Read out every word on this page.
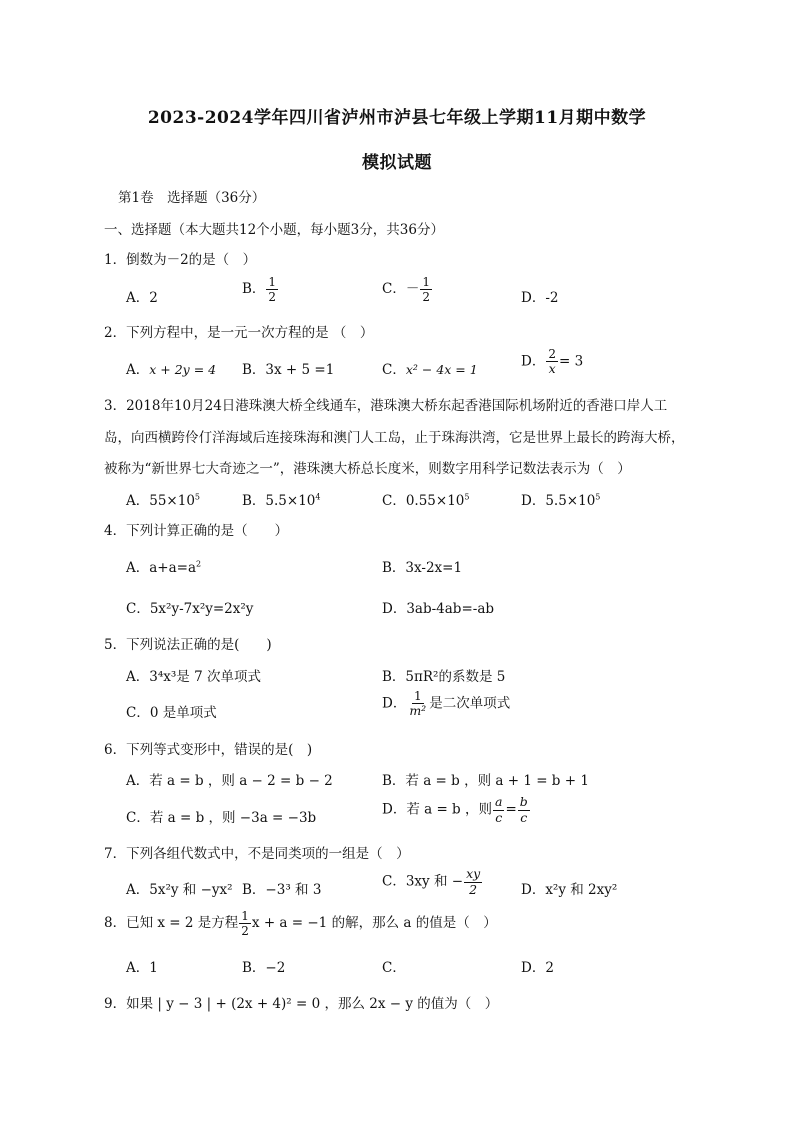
2023-2024学年四川省泸州市泸县七年级上学期11月期中数学
模拟试题
第1卷　选择题（36分）
一、选择题（本大题共12个小题，每小题3分，共36分）
1．倒数为－2的是（　）
A．2
B． $\frac{1}{2}$	C．－ $\frac{1}{2}$	D．-2
2．下列方程中，是一元一次方程的是 （　）
A．x + 2y = 4 B．3x + 5 =1	C．x² − 4x = 1
D． $\frac{2}{x} = 3$
3．2018年10月24日港珠澳大桥全线通车，港珠澳大桥东起香港国际机场附近的香港口岸人工
岛，向西横跨伶仃洋海域后连接珠海和澳门人工岛，止于珠海洪湾，它是世界上最长的跨海大桥，
被称为“新世界七大奇迹之一”，港珠澳大桥总长度米，则数字用科学记数法表示为（　）
A．$55\times 10^5$	B．$5.5\times 10^4$	C．$0.55\times 10^5$	D．$5.5\times 10^5$
4．下列计算正确的是（　　）
A．$a+a=a^2$	B．3x-2x=1
C．5x²y-7x²y=2x²y	D．3ab-4ab=-ab
5．下列说法正确的是(　　)
A．3⁴x³是 7 次单项式	B．5πR²的系数是 5
C．0 是单项式
D． $\frac{1}{\text{m²}}$ 是二次单项式
6．下列等式变形中，错误的是(　)
A．若 a = b ，则 a − 2 = b − 2	B．若 a = b ，则 a + 1 = b + 1
C．若 a = b ，则 −3a = −3b
D．若 a = b ，则 $\frac{a}{c} = \frac{b}{c}$
7．下列各组代数式中，不是同类项的一组是（　）
A．5x²y 和 −yx² B．−3³ 和 3
C．3xy 和 − $\frac{xy}{2}$	D．x²y 和 2xy²
8．已知 x = 2 是方程 $\frac{1}{2}$ x + a = −1 的解，那么 a 的值是（　）
A．1	B．−2	C．	D．2
9．如果 | y − 3 | + (2x + 4)² = 0 ，那么 2x − y 的值为（　）
